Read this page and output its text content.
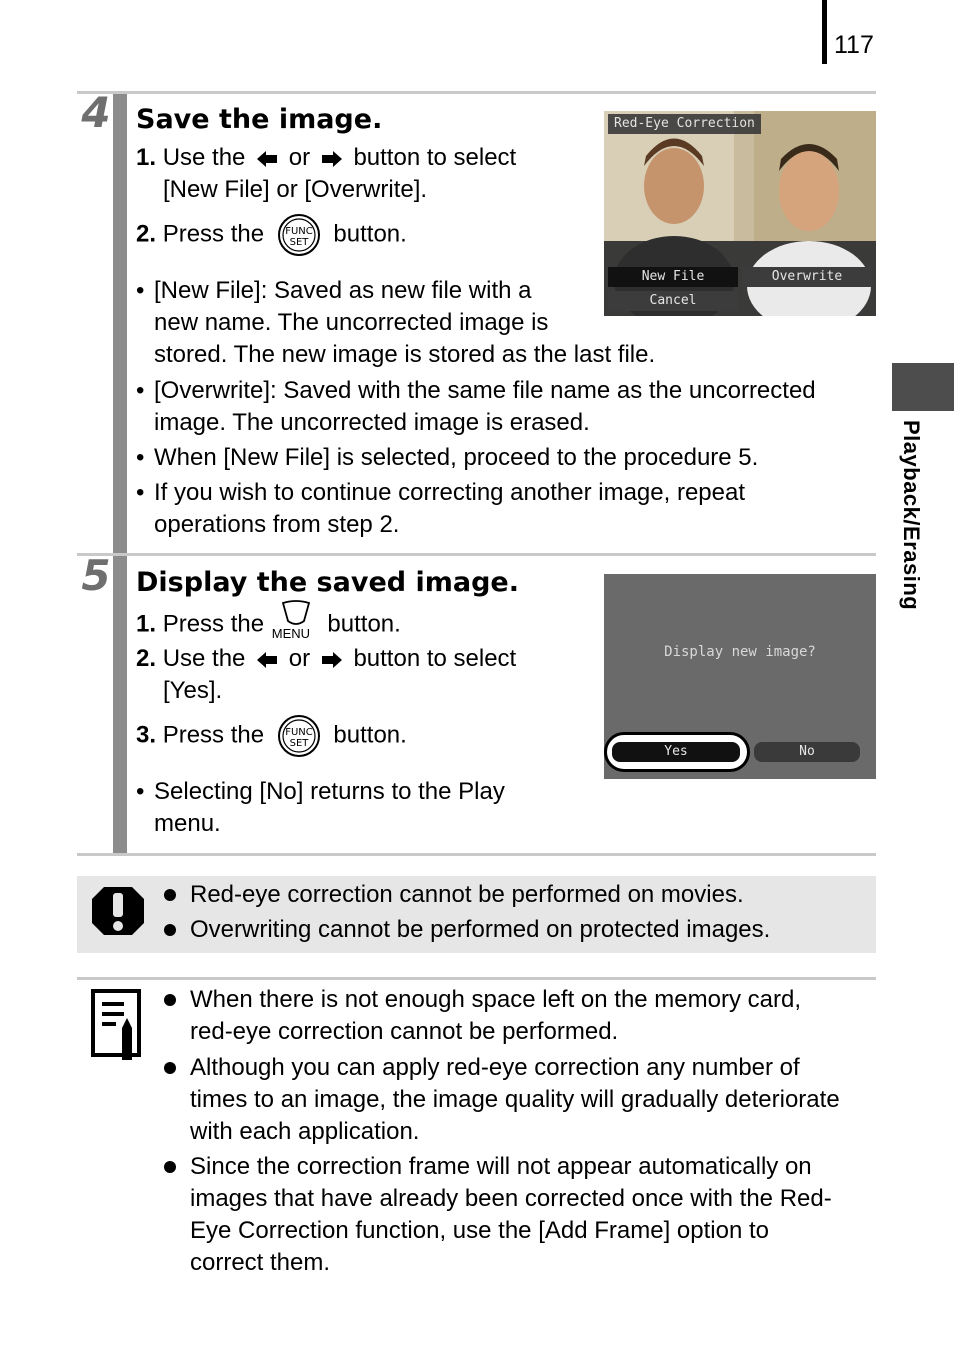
117
Playback/Erasing
4 Save the image.
1. Use the or button to select
[New File] or [Overwrite].
2. Press the FUNC
SET button.
• [New File]: Saved as new file with a
new name. The uncorrected image is
stored. The new image is stored as the last file.
• [Overwrite]: Saved with the same file name as the uncorrected
image. The uncorrected image is erased.
• When [New File] is selected, proceed to the procedure 5.
• If you wish to continue correcting another image, repeat
operations from step 2.
Red-Eye Correction
New File	Overwrite
Cancel
5 Display the saved image.
1. Press the MENU button.
2. Use the or button to select
[Yes].
3. Press the FUNC
SET button.
• Selecting [No] returns to the Play
menu.
Display new image?
Yes	No
Red-eye correction cannot be performed on movies.
Overwriting cannot be performed on protected images.
When there is not enough space left on the memory card,
red-eye correction cannot be performed.
Although you can apply red-eye correction any number of
times to an image, the image quality will gradually deteriorate
with each application.
Since the correction frame will not appear automatically on
images that have already been corrected once with the Red-
Eye Correction function, use the [Add Frame] option to
correct them.
